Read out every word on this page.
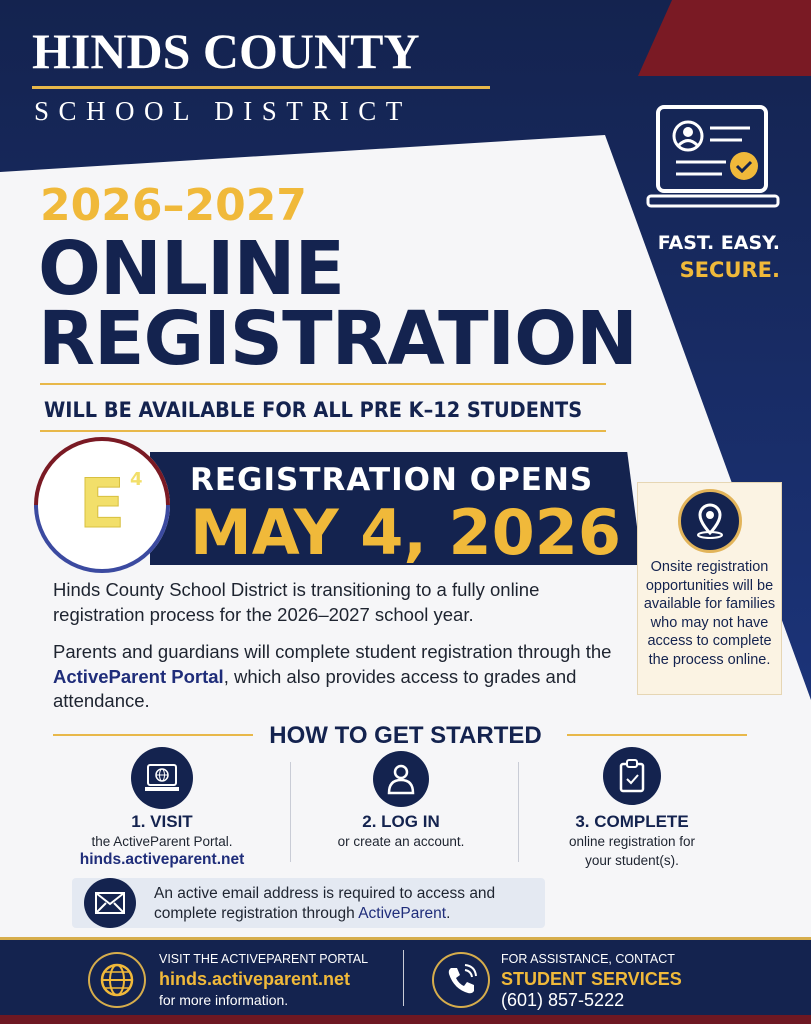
HINDS COUNTY
SCHOOL DISTRICT
FAST. EASY.
SECURE.
2026–2027
ONLINE
REGISTRATION
WILL BE AVAILABLE FOR ALL PRE K–12 STUDENTS
REGISTRATION OPENS
MAY 4, 2026
E 4

Onsite registration opportunities will be available for families who may not have access to complete the process online.

Hinds County School District is transitioning to a fully online registration process for the 2026–2027 school year.
Parents and guardians will complete student registration through the ActiveParent Portal, which also provides access to grades and attendance.
HOW TO GET STARTED
1. VISIT
the ActiveParent Portal.
hinds.activeparent.net
2. LOG IN
or create an account.
3. COMPLETE
online registration for your student(s).

An active email address is required to access and complete registration through ActiveParent.

VISIT THE ACTIVEPARENT PORTAL
hinds.activeparent.net
for more information.
FOR ASSISTANCE, CONTACT
STUDENT SERVICES
(601) 857-5222
